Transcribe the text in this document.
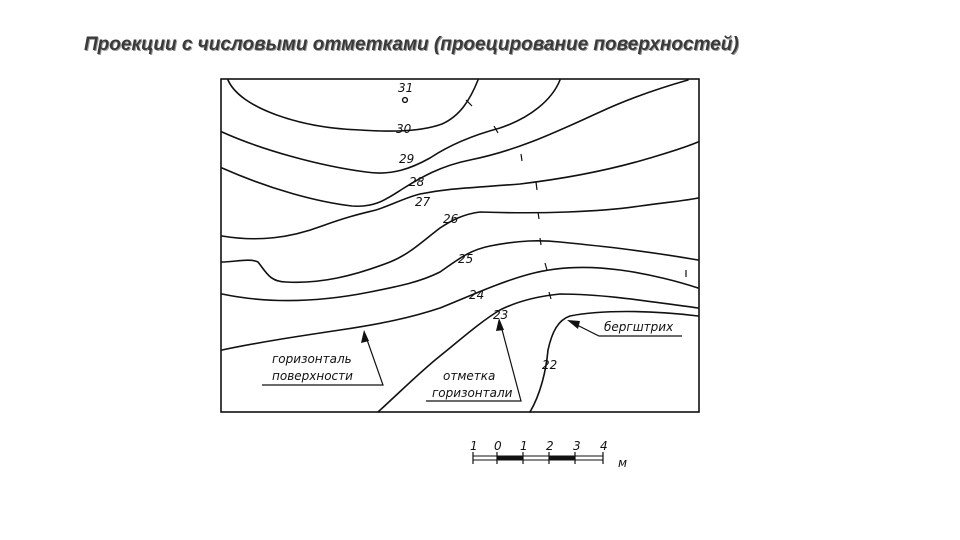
Проекции с числовыми отметками (проецирование поверхностей)
31
30
29
28
27
26
25
24
23
22
горизонталь
поверхности	отметка
горизонтали
бергштрих
1 0 1 2 3 4
м
